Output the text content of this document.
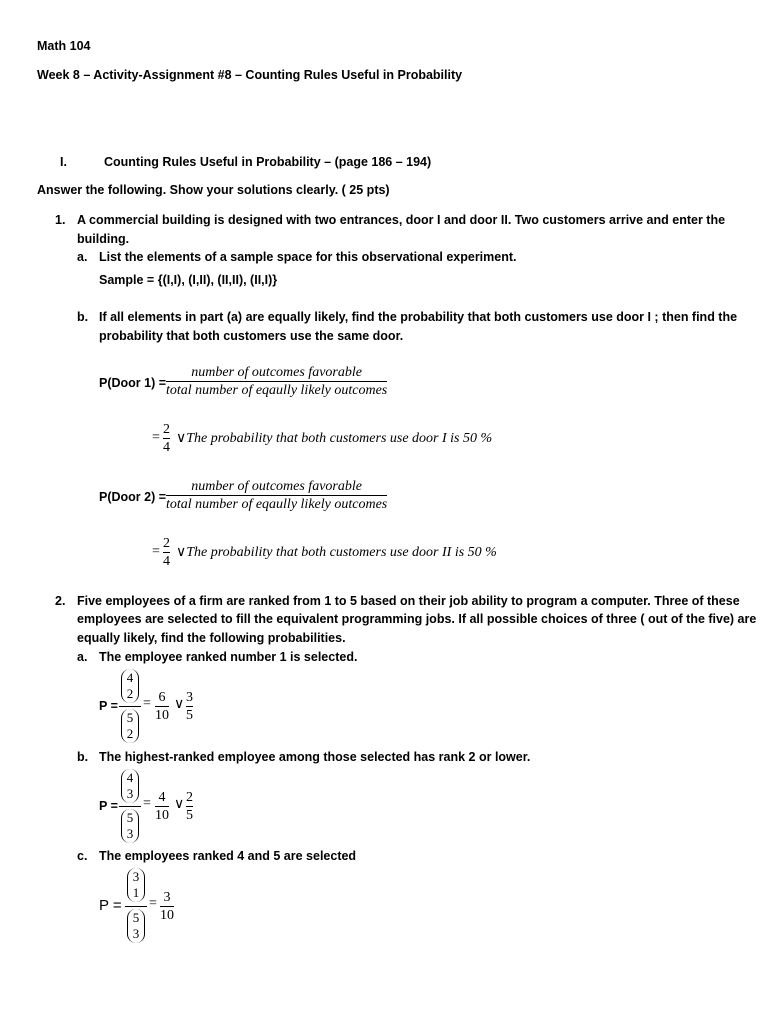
Math 104
Week 8 – Activity-Assignment #8 – Counting Rules Useful in Probability
I.	Counting Rules Useful in Probability – (page 186 – 194)
Answer the following. Show your solutions clearly. ( 25 pts)
1. A commercial building is designed with two entrances, door I and door II. Two customers arrive and enter the
building.
a. List the elements of a sample space for this observational experiment.
Sample = {(I,I), (I,II), (II,II), (II,I)}
b. If all elements in part (a) are equally likely, find the probability that both customers use door I ; then find the
probability that both customers use the same door.
P(Door 1) =
number of outcomes favorable
total number of eqaully likely outcomes
=
2
4
∨The probability that both customers use door I is 50 %
P(Door 2) =
number of outcomes favorable
total number of eqaully likely outcomes
=
2
4
∨The probability that both customers use door II is 50 %
2. Five employees of a firm are ranked from 1 to 5 based on their job ability to program a computer. Three of these
employees are selected to fill the equivalent programming jobs. If all possible choices of three ( out of the five) are
equally likely, find the following probabilities.
a. The employee ranked number 1 is selected.
P =
4
2
5
2
= 6
10
∨ 3
5
b. The highest-ranked employee among those selected has rank 2 or lower.
P =
4
3
5
3
= 4
10
∨ 2
5
c. The employees ranked 4 and 5 are selected
P =
3
1
5
3
= 3
10
